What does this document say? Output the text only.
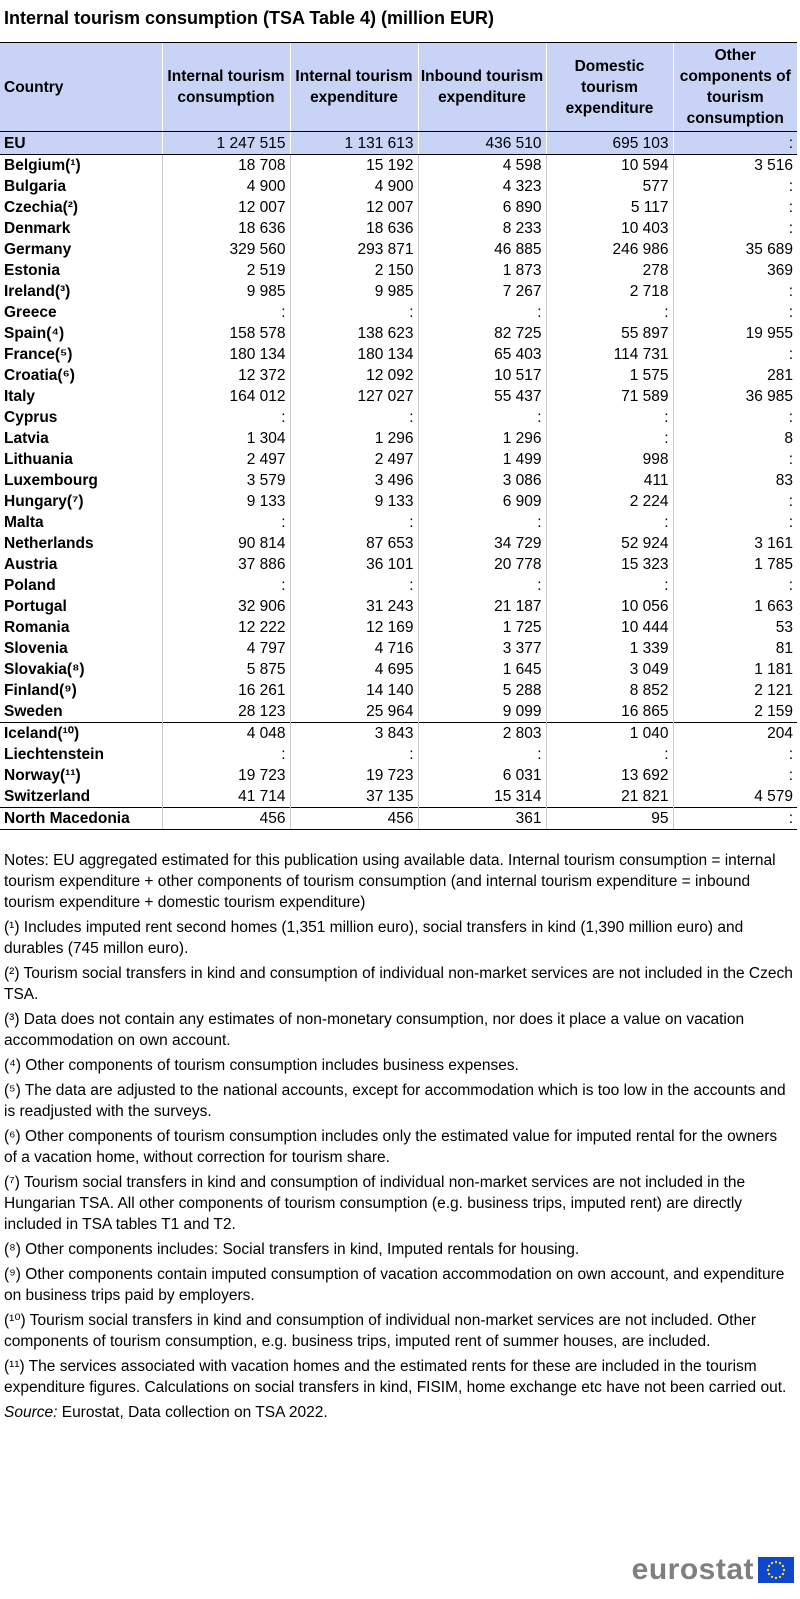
Internal tourism consumption (TSA Table 4) (million EUR)
Country	Internal tourism consumption	Internal tourism expenditure	Inbound tourism expenditure	Domestic tourism expenditure	Other components of tourism consumption
EU	1 247 515	1 131 613	436 510	695 103	:
Belgium(¹)	18 708	15 192	4 598	10 594	3 516
Bulgaria	4 900	4 900	4 323	577	:
Czechia(²)	12 007	12 007	6 890	5 117	:
Denmark	18 636	18 636	8 233	10 403	:
Germany	329 560	293 871	46 885	246 986	35 689
Estonia	2 519	2 150	1 873	278	369
Ireland(³)	9 985	9 985	7 267	2 718	:
Greece	:	:	:	:	:
Spain(⁴)	158 578	138 623	82 725	55 897	19 955
France(⁵)	180 134	180 134	65 403	114 731	:
Croatia(⁶)	12 372	12 092	10 517	1 575	281
Italy	164 012	127 027	55 437	71 589	36 985
Cyprus	:	:	:	:	:
Latvia	1 304	1 296	1 296	:	8
Lithuania	2 497	2 497	1 499	998	:
Luxembourg	3 579	3 496	3 086	411	83
Hungary(⁷)	9 133	9 133	6 909	2 224	:
Malta	:	:	:	:	:
Netherlands	90 814	87 653	34 729	52 924	3 161
Austria	37 886	36 101	20 778	15 323	1 785
Poland	:	:	:	:	:
Portugal	32 906	31 243	21 187	10 056	1 663
Romania	12 222	12 169	1 725	10 444	53
Slovenia	4 797	4 716	3 377	1 339	81
Slovakia(⁸)	5 875	4 695	1 645	3 049	1 181
Finland(⁹)	16 261	14 140	5 288	8 852	2 121
Sweden	28 123	25 964	9 099	16 865	2 159
Iceland(¹⁰)	4 048	3 843	2 803	1 040	204
Liechtenstein	:	:	:	:	:
Norway(¹¹)	19 723	19 723	6 031	13 692	:
Switzerland	41 714	37 135	15 314	21 821	4 579
North Macedonia	456	456	361	95	:

Notes: EU aggregated estimated for this publication using available data. Internal tourism consumption = internal tourism expenditure + other components of tourism consumption (and internal tourism expenditure = inbound tourism expenditure + domestic tourism expenditure)

(¹) Includes imputed rent second homes (1,351 million euro), social transfers in kind (1,390 million euro) and durables (745 millon euro).

(²) Tourism social transfers in kind and consumption of individual non-market services are not included in the Czech TSA.

(³) Data does not contain any estimates of non-monetary consumption, nor does it place a value on vacation accommodation on own account.

(⁴) Other components of tourism consumption includes business expenses.

(⁵) The data are adjusted to the national accounts, except for accommodation which is too low in the accounts and is readjusted with the surveys.

(⁶) Other components of tourism consumption includes only the estimated value for imputed rental for the owners of a vacation home, without correction for tourism share.

(⁷) Tourism social transfers in kind and consumption of individual non-market services are not included in the Hungarian TSA. All other components of tourism consumption (e.g. business trips, imputed rent) are directly included in TSA tables T1 and T2.

(⁸) Other components includes: Social transfers in kind, Imputed rentals for housing.

(⁹) Other components contain imputed consumption of vacation accommodation on own account, and expenditure on business trips paid by employers.

(¹⁰) Tourism social transfers in kind and consumption of individual non-market services are not included. Other components of tourism consumption, e.g. business trips, imputed rent of summer houses, are included.

(¹¹) The services associated with vacation homes and the estimated rents for these are included in the tourism expenditure figures. Calculations on social transfers in kind, FISIM, home exchange etc have not been carried out.

Source: Eurostat, Data collection on TSA 2022.

eurostat
